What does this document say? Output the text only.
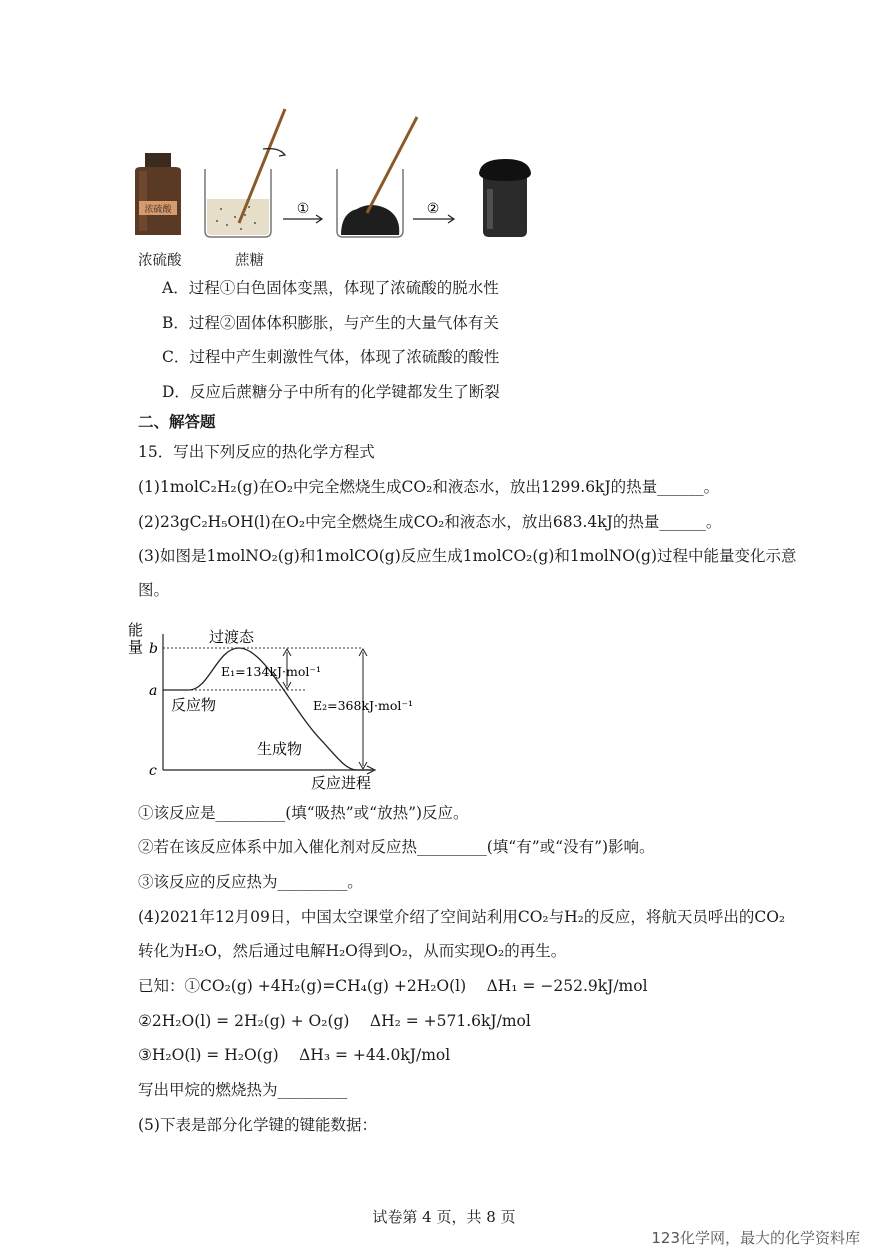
浓硫酸	①	②
浓硫酸	蔗糖
A．过程①白色固体变黑，体现了浓硫酸的脱水性
B．过程②固体体积膨胀，与产生的大量气体有关
C．过程中产生刺激性气体，体现了浓硫酸的酸性
D．反应后蔗糖分子中所有的化学键都发生了断裂
二、解答题
15．写出下列反应的热化学方程式
(1)1molC₂H₂(g)在O₂中完全燃烧生成CO₂和液态水，放出1299.6kJ的热量______。
(2)23gC₂H₅OH(l)在O₂中完全燃烧生成CO₂和液态水，放出683.4kJ的热量______。
(3)如图是1molNO₂(g)和1molCO(g)反应生成1molCO₂(g)和1molNO(g)过程中能量变化示意
图。
能量 b
a
c
过渡态
反应物
生成物
E₁=134kJ·mol⁻¹
E₂=368kJ·mol⁻¹
反应进程
①该反应是_________(填“吸热”或“放热”)反应。
②若在该反应体系中加入催化剂对反应热_________(填“有”或“没有”)影响。
③该反应的反应热为_________。
(4)2021年12月09日，中国太空课堂介绍了空间站利用CO₂与H₂的反应，将航天员呼出的CO₂
转化为H₂O，然后通过电解H₂O得到O₂，从而实现O₂的再生。
已知：①CO₂(g) +4H₂(g)=CH₄(g) +2H₂O(l)　 ΔH₁ = −252.9kJ/mol
②2H₂O(l) = 2H₂(g) + O₂(g)　 ΔH₂ = +571.6kJ/mol
③H₂O(l) = H₂O(g)　 ΔH₃ = +44.0kJ/mol
写出甲烷的燃烧热为_________
(5)下表是部分化学键的键能数据：
试卷第 4 页，共 8 页
123化学网，最大的化学资料库
